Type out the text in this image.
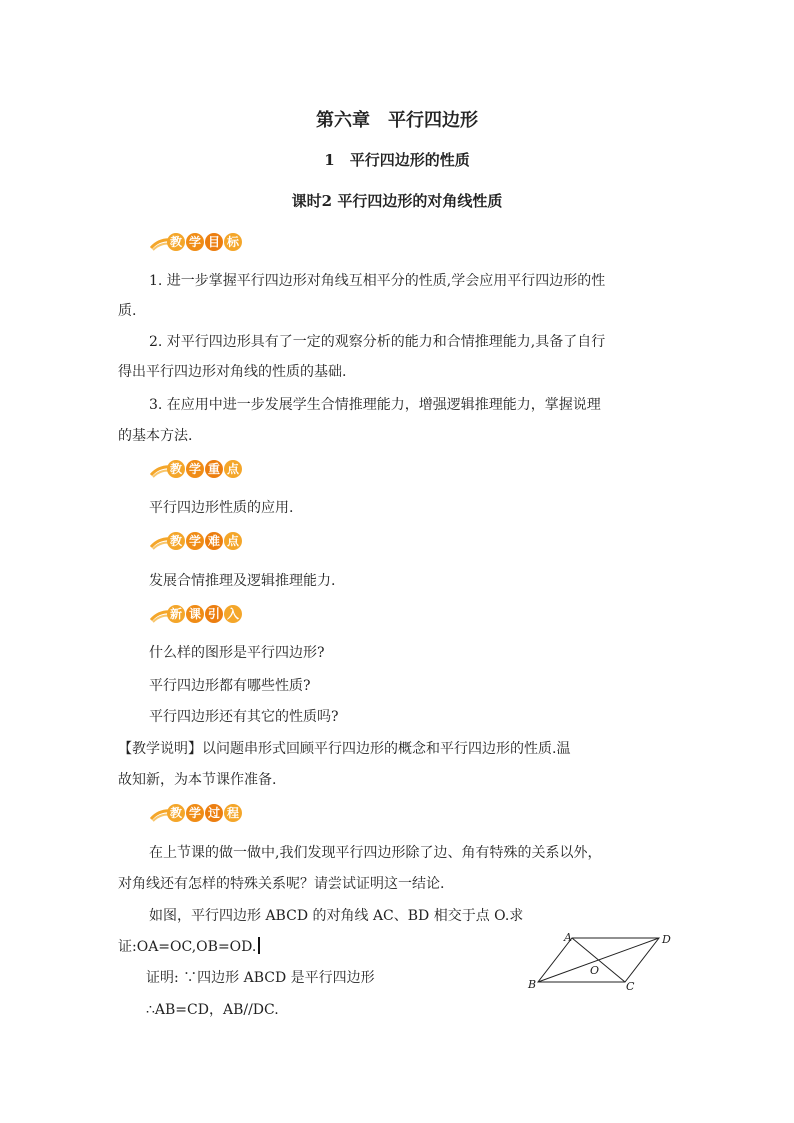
第六章　平行四边形
1　平行四边形的性质
课时2 平行四边形的对角线性质
教 学 目 标
1. 进一步掌握平行四边形对角线互相平分的性质,学会应用平行四边形的性
质.
2. 对平行四边形具有了一定的观察分析的能力和合情推理能力,具备了自行
得出平行四边形对角线的性质的基础.
3. 在应用中进一步发展学生合情推理能力，增强逻辑推理能力，掌握说理
的基本方法.
教 学 重 点
平行四边形性质的应用.
教 学 难 点
发展合情推理及逻辑推理能力.
新 课 引 入
什么样的图形是平行四边形?
平行四边形都有哪些性质?
平行四边形还有其它的性质吗?
【教学说明】以问题串形式回顾平行四边形的概念和平行四边形的性质.温
故知新，为本节课作准备.
教 学 过 程
在上节课的做一做中,我们发现平行四边形除了边、角有特殊的关系以外，
对角线还有怎样的特殊关系呢？请尝试证明这一结论.
如图，平行四边形 ABCD 的对角线 AC、BD 相交于点 O.求
证:OA=OC,OB=OD.
证明: ∵四边形 ABCD 是平行四边形
∴AB=CD，AB//DC.
A	D
B	C
O
